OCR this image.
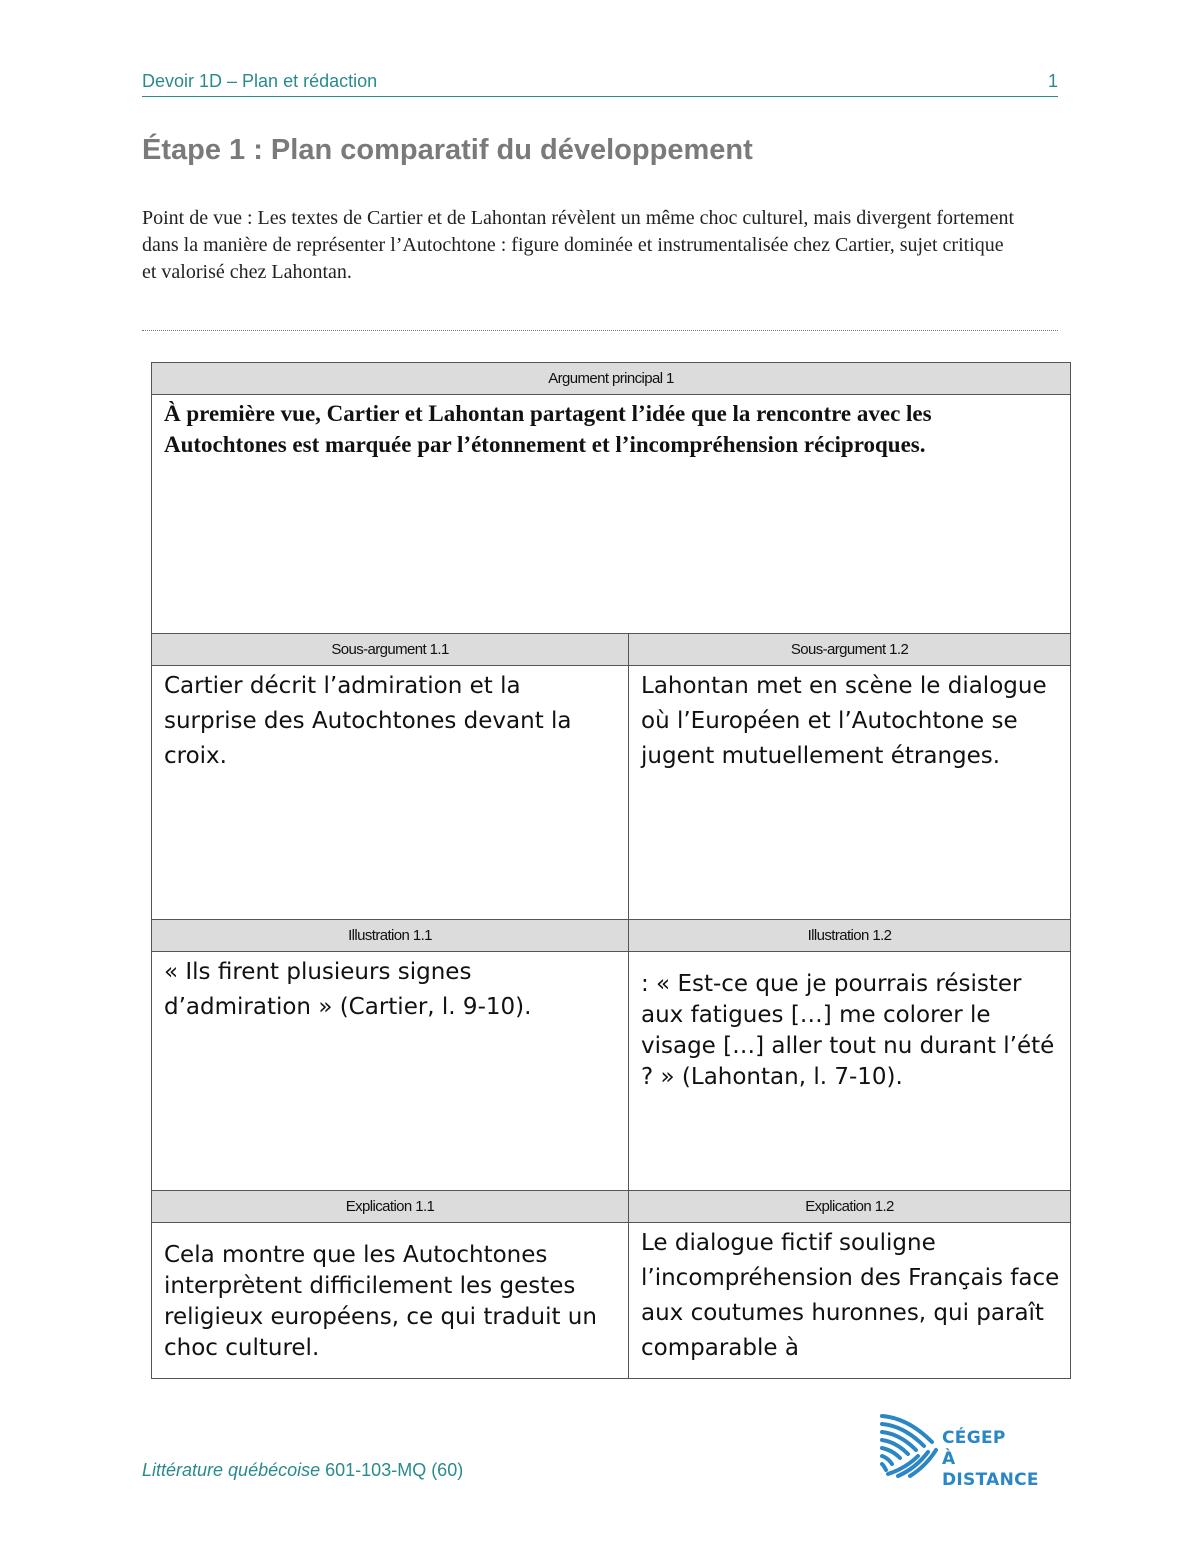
Devoir 1D – Plan et rédaction	1
Étape 1 : Plan comparatif du développement
Point de vue : Les textes de Cartier et de Lahontan révèlent un même choc culturel, mais divergent fortement dans la manière de représenter l’Autochtone : figure dominée et instrumentalisée chez Cartier, sujet critique et valorisé chez Lahontan.
Argument principal 1	

À première vue, Cartier et Lahontan partagent l’idée que la rencontre avec les Autochtones est marquée par l’étonnement et l’incompréhension réciproques.	

Sous-argument 1.1	Sous-argument 1.2

Cartier décrit l’admiration et la surprise des Autochtones devant la croix.	Lahontan met en scène le dialogue où l’Européen et l’Autochtone se jugent mutuellement étranges.

Illustration 1.1	Illustration 1.2

« Ils firent plusieurs signes d’admiration » (Cartier, l. 9-10).	: « Est-ce que je pourrais résister aux fatigues […] me colorer le visage […] aller tout nu durant l’été ? » (Lahontan, l. 7-10).

Explication 1.1	Explication 1.2

Cela montre que les Autochtones interprètent difficilement les gestes religieux européens, ce qui traduit un choc culturel.	Le dialogue fictif souligne l’incompréhension des Français face aux coutumes huronnes, qui paraît comparable à
Littérature québécoise 601-103-MQ (60)
CÉGEP
À DISTANCE
